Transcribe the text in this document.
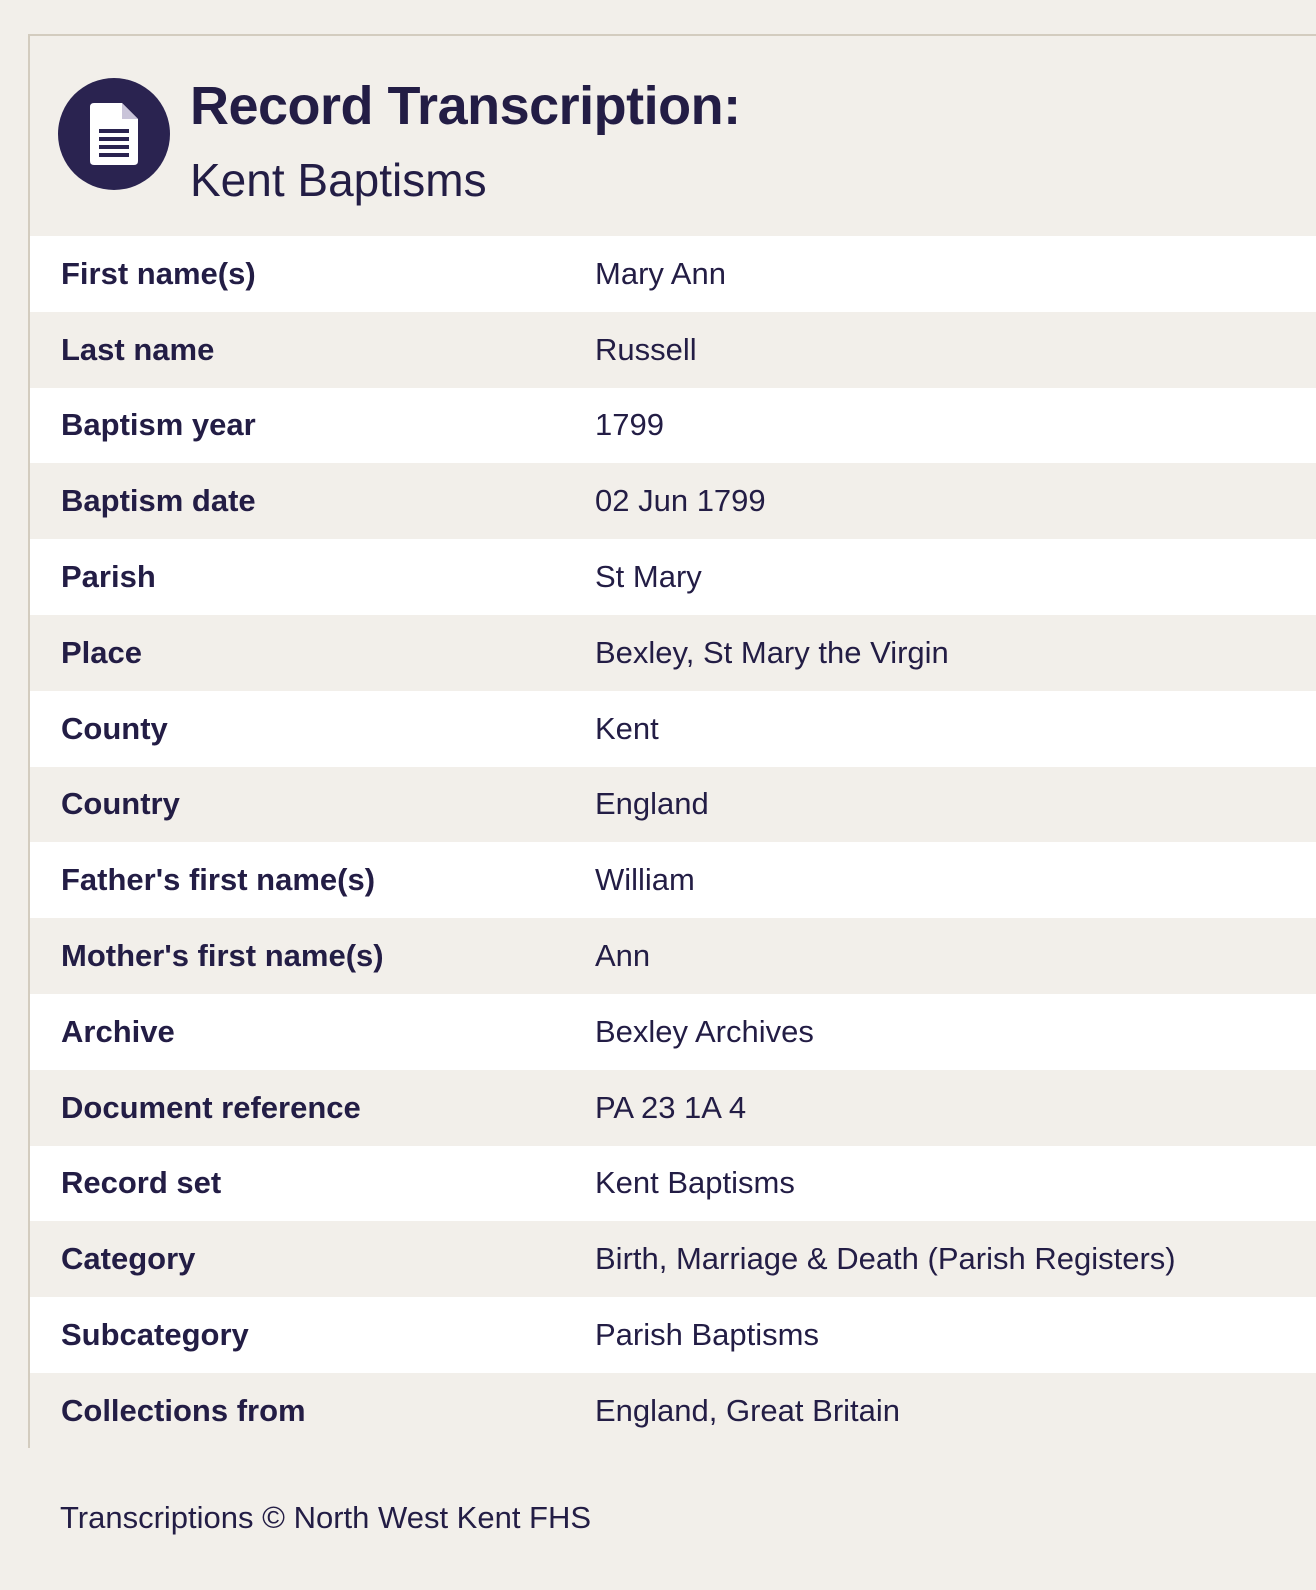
Record Transcription:
Kent Baptisms
First name(s)	Mary Ann
Last name	Russell
Baptism year	1799
Baptism date	02 Jun 1799
Parish	St Mary
Place	Bexley, St Mary the Virgin
County	Kent
Country	England
Father's first name(s)	William
Mother's first name(s)	Ann
Archive	Bexley Archives
Document reference	PA 23 1A 4
Record set	Kent Baptisms
Category	Birth, Marriage & Death (Parish Registers)
Subcategory	Parish Baptisms
Collections from	England, Great Britain
Transcriptions © North West Kent FHS
